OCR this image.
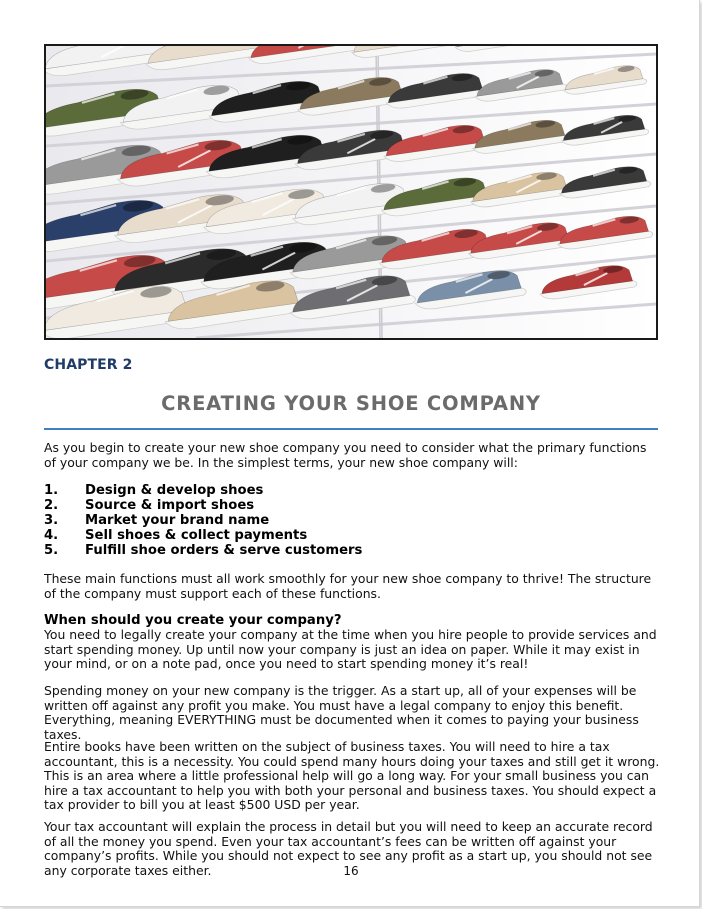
CHAPTER 2
CREATING YOUR SHOE COMPANY
As you begin to create your new shoe company you need to consider what the primary functions of your company we be. In the simplest terms, your new shoe company will:
1. Design & develop shoes
2. Source & import shoes
3. Market your brand name
4. Sell shoes & collect payments
5. Fulfill shoe orders & serve customers
These main functions must all work smoothly for your new shoe company to thrive! The structure of the company must support each of these functions.
When should you create your company?
You need to legally create your company at the time when you hire people to provide services and start spending money. Up until now your company is just an idea on paper. While it may exist in your mind, or on a note pad, once you need to start spending money it’s real!
Spending money on your new company is the trigger. As a start up, all of your expenses will be written off against any profit you make. You must have a legal company to enjoy this benefit. Everything, meaning EVERYTHING must be documented when it comes to paying your business taxes.
Entire books have been written on the subject of business taxes. You will need to hire a tax accountant, this is a necessity. You could spend many hours doing your taxes and still get it wrong. This is an area where a little professional help will go a long way. For your small business you can hire a tax accountant to help you with both your personal and business taxes. You should expect a tax provider to bill you at least $500 USD per year.
Your tax accountant will explain the process in detail but you will need to keep an accurate record of all the money you spend. Even your tax accountant’s fees can be written off against your company’s profits. While you should not expect to see any profit as a start up, you should not see any corporate taxes either.	16
